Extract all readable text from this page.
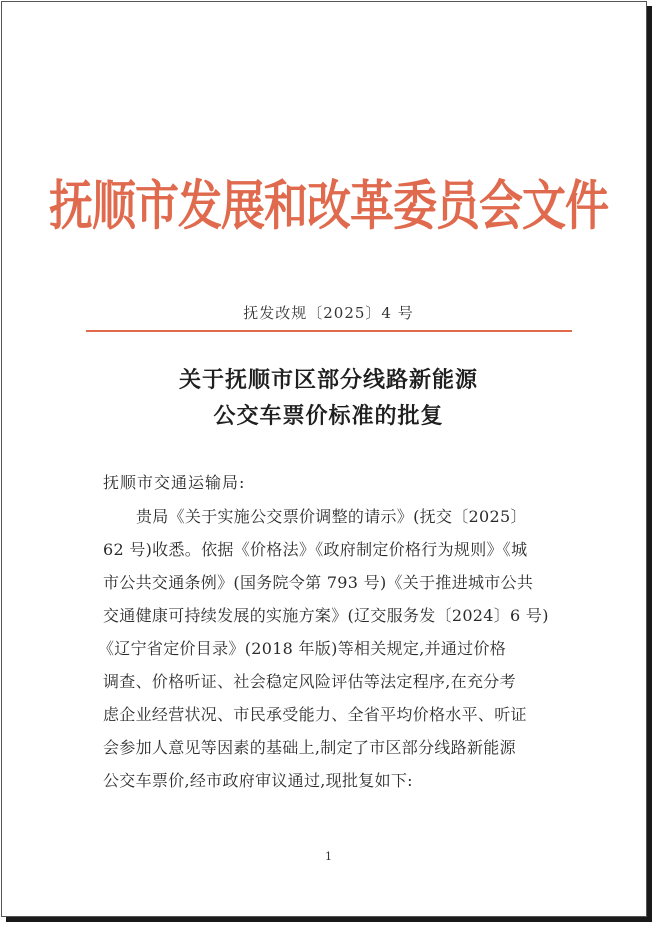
抚顺市发展和改革委员会文件
抚发改规〔2025〕4 号
关于抚顺市区部分线路新能源
公交车票价标准的批复
抚顺市交通运输局:
贵局《关于实施公交票价调整的请示》(抚交〔2025〕
62 号)收悉。依据《价格法》《政府制定价格行为规则》《城
市公共交通条例》(国务院令第 793 号)《关于推进城市公共
交通健康可持续发展的实施方案》(辽交服务发〔2024〕6 号)
《辽宁省定价目录》(2018 年版)等相关规定,并通过价格
调查、价格听证、社会稳定风险评估等法定程序,在充分考
虑企业经营状况、市民承受能力、全省平均价格水平、听证
会参加人意见等因素的基础上,制定了市区部分线路新能源
公交车票价,经市政府审议通过,现批复如下:
1
